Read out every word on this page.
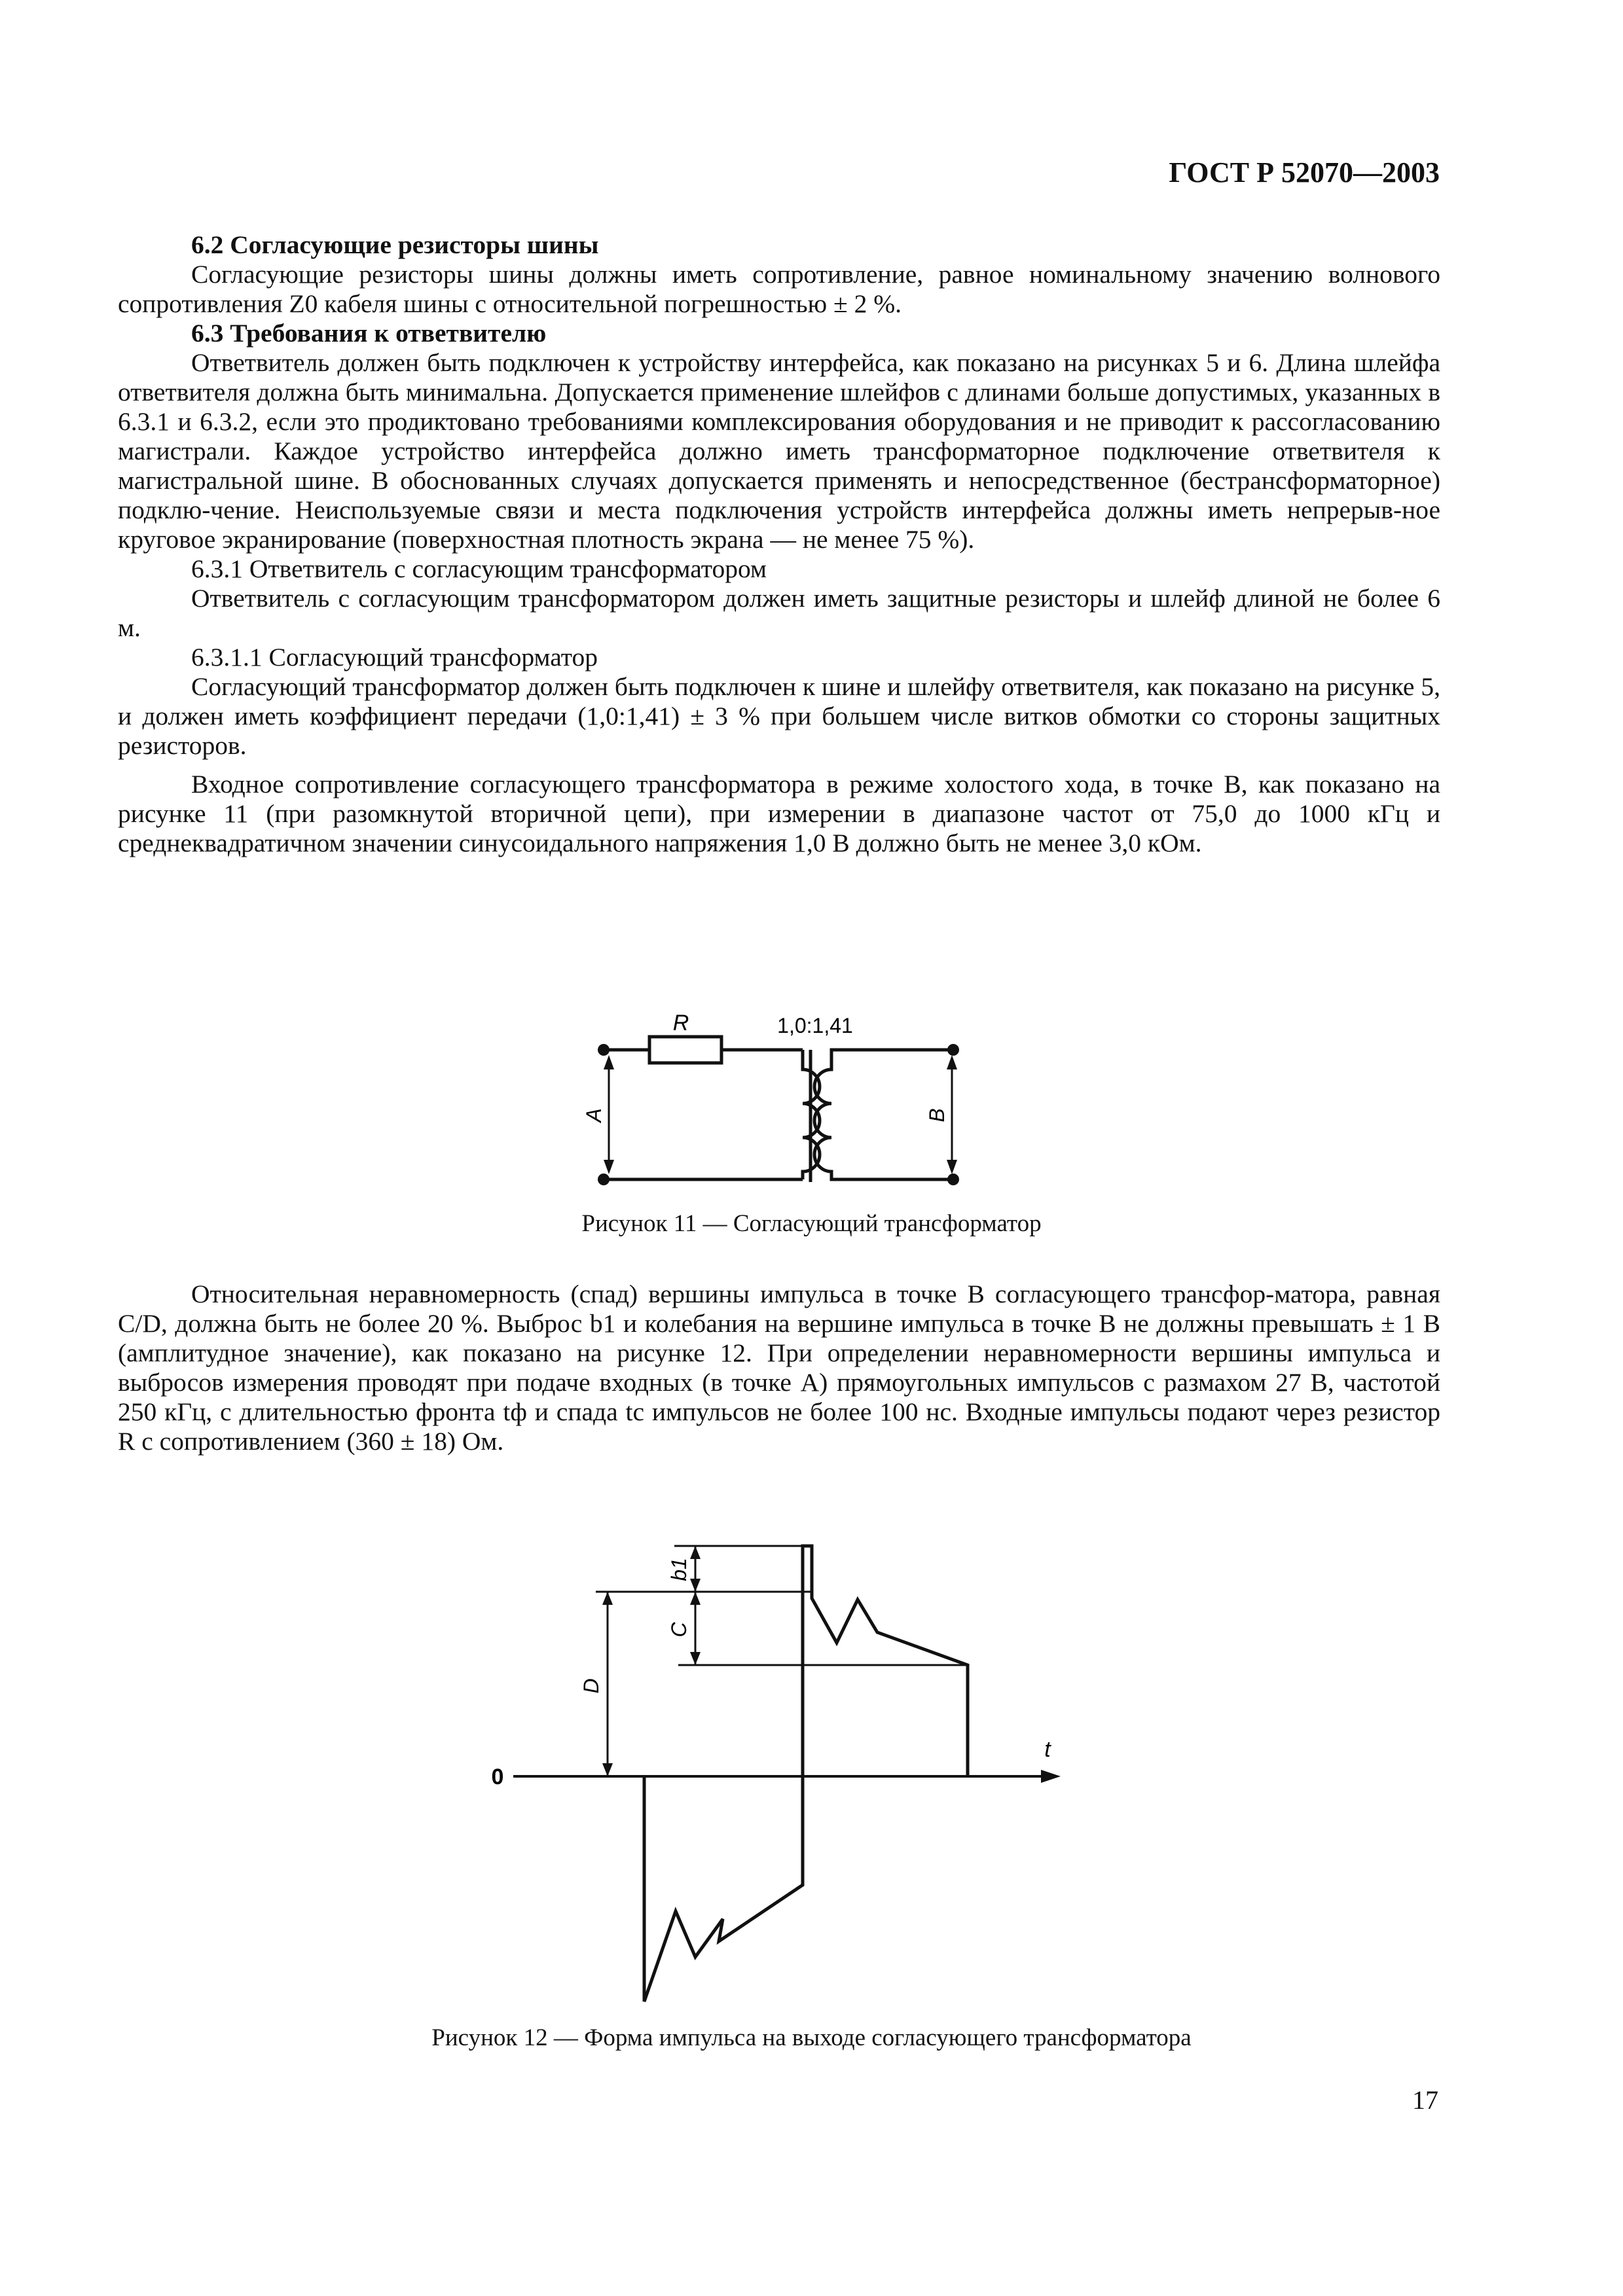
ГОСТ Р 52070—2003

6.2 Согласующие резисторы шины

Согласующие резисторы шины должны иметь сопротивление, равное номинальному значению волнового сопротивления Z0 кабеля шины с относительной погрешностью ± 2 %.

6.3 Требования к ответвителю

Ответвитель должен быть подключен к устройству интерфейса, как показано на рисунках 5 и 6. Длина шлейфа ответвителя должна быть минимальна. Допускается применение шлейфов с длинами больше допустимых, указанных в 6.3.1 и 6.3.2, если это продиктовано требованиями комплексирования оборудования и не приводит к рассогласованию магистрали. Каждое устройство интерфейса должно иметь трансформаторное подключение ответвителя к магистральной шине. В обоснованных случаях допускается применять и непосредственное (бестрансформаторное) подклю-чение. Неиспользуемые связи и места подключения устройств интерфейса должны иметь непрерыв-ное круговое экранирование (поверхностная плотность экрана — не менее 75 %).

6.3.1 Ответвитель с согласующим трансформатором

Ответвитель с согласующим трансформатором должен иметь защитные резисторы и шлейф длиной не более 6 м.

6.3.1.1 Согласующий трансформатор

Согласующий трансформатор должен быть подключен к шине и шлейфу ответвителя, как показано на рисунке 5, и должен иметь коэффициент передачи (1,0:1,41) ± 3 % при большем числе витков обмотки со стороны защитных резисторов.

Входное сопротивление согласующего трансформатора в режиме холостого хода, в точке B, как показано на рисунке 11 (при разомкнутой вторичной цепи), при измерении в диапазоне частот от 75,0 до 1000 кГц и среднеквадратичном значении синусоидального напряжения 1,0 В должно быть не менее 3,0 кОм.

R	1,0:1,41
A	B
Рисунок 11 — Согласующий трансформатор

Относительная неравномерность (спад) вершины импульса в точке B согласующего трансфор-матора, равная C/D, должна быть не более 20 %. Выброс b1 и колебания на вершине импульса в точке B не должны превышать ± 1 В (амплитудное значение), как показано на рисунке 12. При определении неравномерности вершины импульса и выбросов измерения проводят при подаче входных (в точке A) прямоугольных импульсов с размахом 27 В, частотой 250 кГц, с длительностью фронта tф и спада tс импульсов не более 100 нс. Входные импульсы подают через резистор R с сопротивлением (360 ± 18) Ом.

0
t
b1
C
D
Рисунок 12 — Форма импульса на выходе согласующего трансформатора
17
